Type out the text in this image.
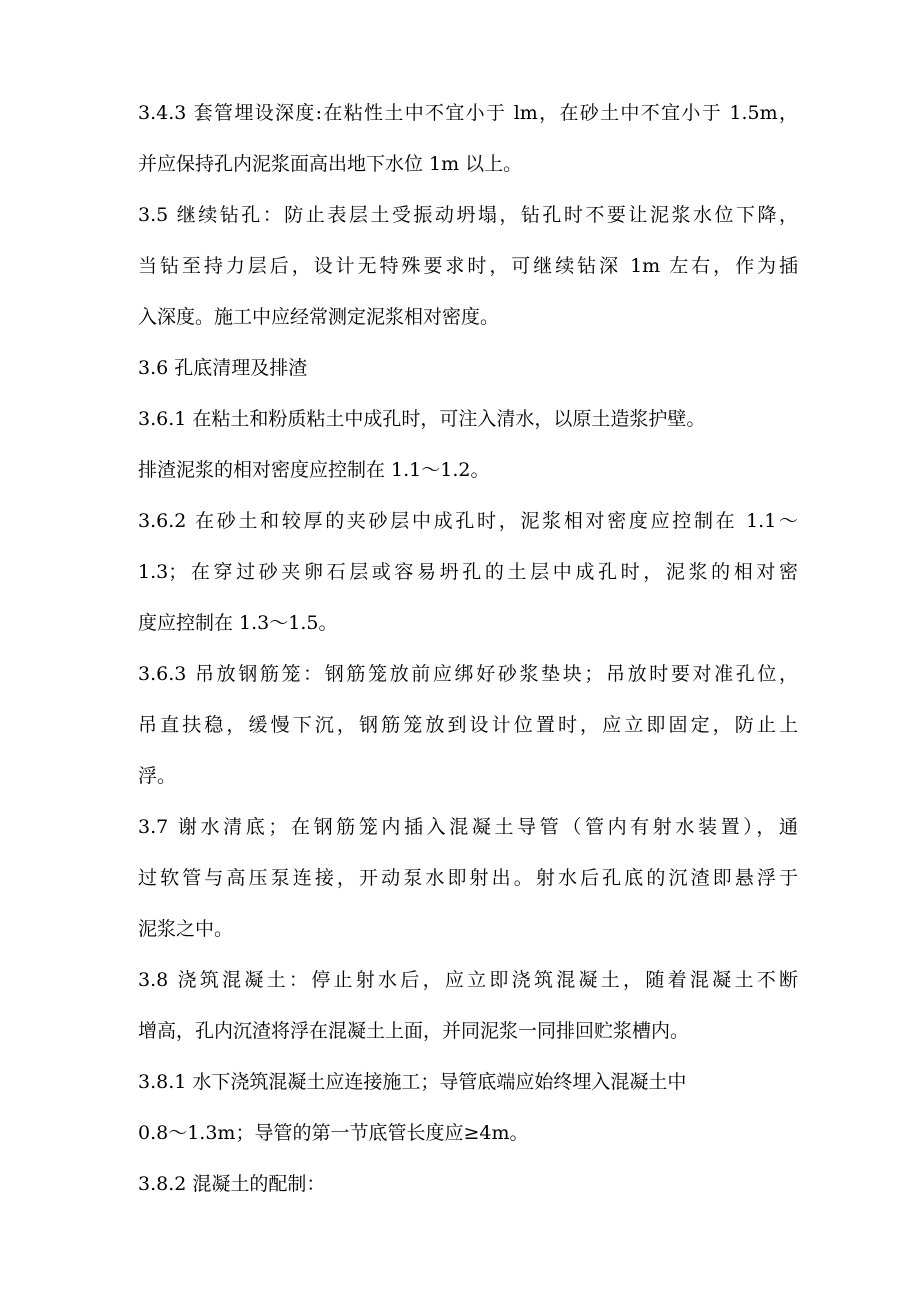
3.4.3 套管埋设深度:在粘性土中不宜小于 lm，在砂土中不宜小于 1.5m，
并应保持孔内泥浆面高出地下水位 1m 以上。
3.5 继续钻孔：防止表层土受振动坍塌，钻孔时不要让泥浆水位下降，
当钻至持力层后，设计无特殊要求时，可继续钻深 1m 左右，作为插
入深度。施工中应经常测定泥浆相对密度。
3.6 孔底清理及排渣
3.6.1 在粘土和粉质粘土中成孔时，可注入清水，以原土造浆护壁。
排渣泥浆的相对密度应控制在 1.1～1.2。
3.6.2 在砂土和较厚的夹砂层中成孔时，泥浆相对密度应控制在 1.1～
1.3；在穿过砂夹卵石层或容易坍孔的土层中成孔时，泥浆的相对密
度应控制在 1.3～1.5。
3.6.3 吊放钢筋笼：钢筋笼放前应绑好砂浆垫块；吊放时要对准孔位，
吊直扶稳，缓慢下沉，钢筋笼放到设计位置时，应立即固定，防止上
浮。
3.7 谢水清底；在钢筋笼内插入混凝土导管（管内有射水装置），通
过软管与高压泵连接，开动泵水即射出。射水后孔底的沉渣即悬浮于
泥浆之中。
3.8 浇筑混凝土：停止射水后，应立即浇筑混凝土，随着混凝土不断
增高，孔内沉渣将浮在混凝土上面，并同泥浆一同排回贮浆槽内。
3.8.1 水下浇筑混凝土应连接施工；导管底端应始终埋入混凝土中
0.8～1.3m；导管的第一节底管长度应≥4m。
3.8.2 混凝土的配制：
